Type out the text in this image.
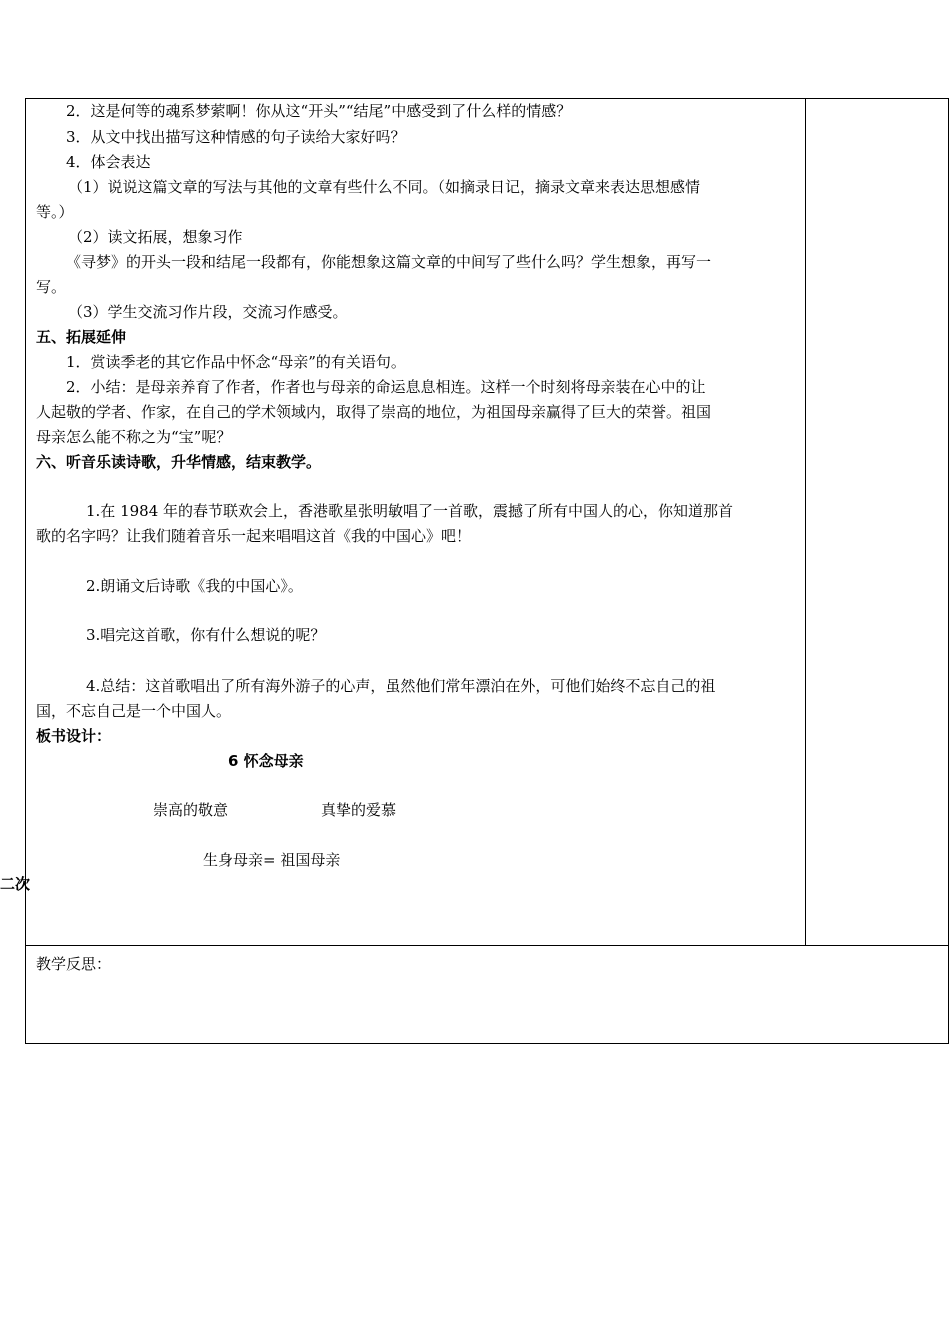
二次
2．这是何等的魂系梦萦啊！你从这“开头”“结尾”中感受到了什么样的情感？
3．从文中找出描写这种情感的句子读给大家好吗？
4．体会表达
（1）说说这篇文章的写法与其他的文章有些什么不同。（如摘录日记，摘录文章来表达思想感情
等。）
（2）读文拓展，想象习作
《寻梦》的开头一段和结尾一段都有，你能想象这篇文章的中间写了些什么吗？学生想象，再写一
写。
（3）学生交流习作片段，交流习作感受。
五、拓展延伸
1．赏读季老的其它作品中怀念“母亲”的有关语句。
2．小结：是母亲养育了作者，作者也与母亲的命运息息相连。这样一个时刻将母亲装在心中的让
人起敬的学者、作家，在自己的学术领域内，取得了崇高的地位，为祖国母亲赢得了巨大的荣誉。祖国
母亲怎么能不称之为“宝”呢？
六、听音乐读诗歌，升华情感，结束教学。
1.在 1984 年的春节联欢会上，香港歌星张明敏唱了一首歌，震撼了所有中国人的心，你知道那首
歌的名字吗？让我们随着音乐一起来唱唱这首《我的中国心》吧！
2.朗诵文后诗歌《我的中国心》。
3.唱完这首歌，你有什么想说的呢？
4.总结：这首歌唱出了所有海外游子的心声，虽然他们常年漂泊在外，可他们始终不忘自己的祖
国，不忘自己是一个中国人。
板书设计：
6 怀念母亲
崇高的敬意	真挚的爱慕
生身母亲= 祖国母亲
教学反思：
